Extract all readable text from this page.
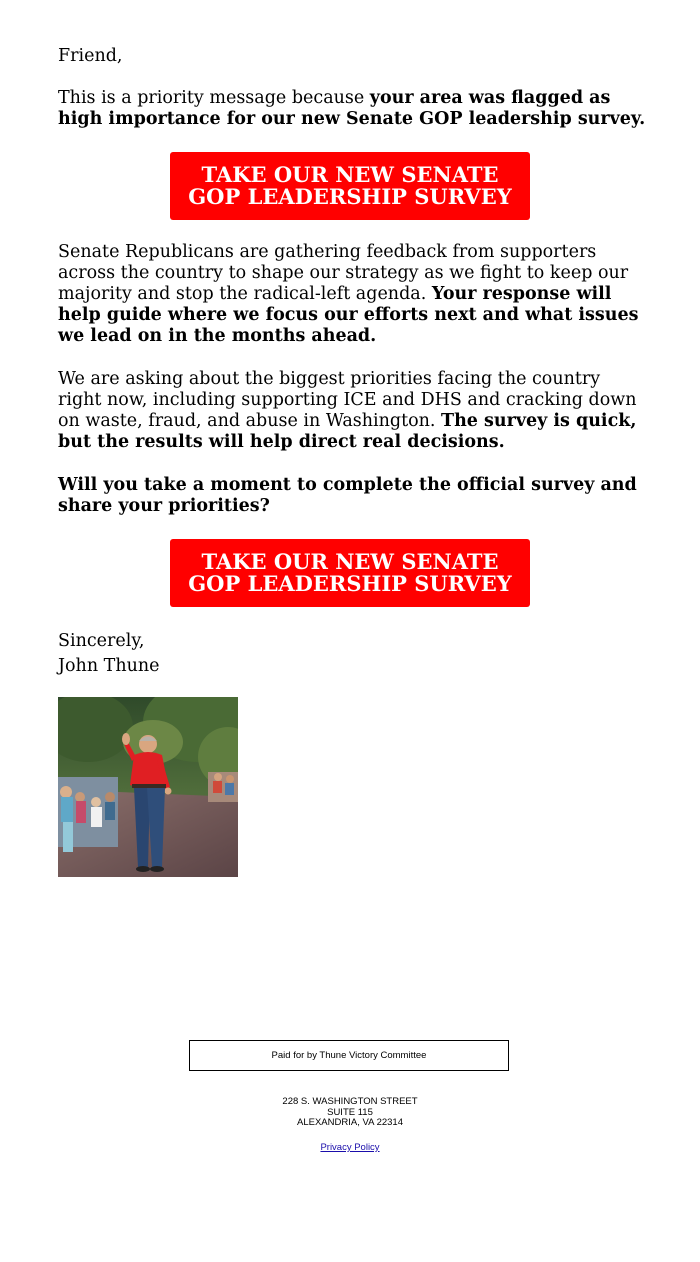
Friend,

This is a priority message because your area was flagged as high importance for our new Senate GOP leadership survey.

TAKE OUR NEW SENATE GOP LEADERSHIP SURVEY

Senate Republicans are gathering feedback from supporters across the country to shape our strategy as we fight to keep our majority and stop the radical-left agenda. Your response will help guide where we focus our efforts next and what issues we lead on in the months ahead.

We are asking about the biggest priorities facing the country right now, including supporting ICE and DHS and cracking down on waste, fraud, and abuse in Washington. The survey is quick, but the results will help direct real decisions.

Will you take a moment to complete the official survey and share your priorities?

TAKE OUR NEW SENATE GOP LEADERSHIP SURVEY
Sincerely,
John Thune
Paid for by Thune Victory Committee
228 S. WASHINGTON STREET
SUITE 115
ALEXANDRIA, VA 22314
Privacy Policy
